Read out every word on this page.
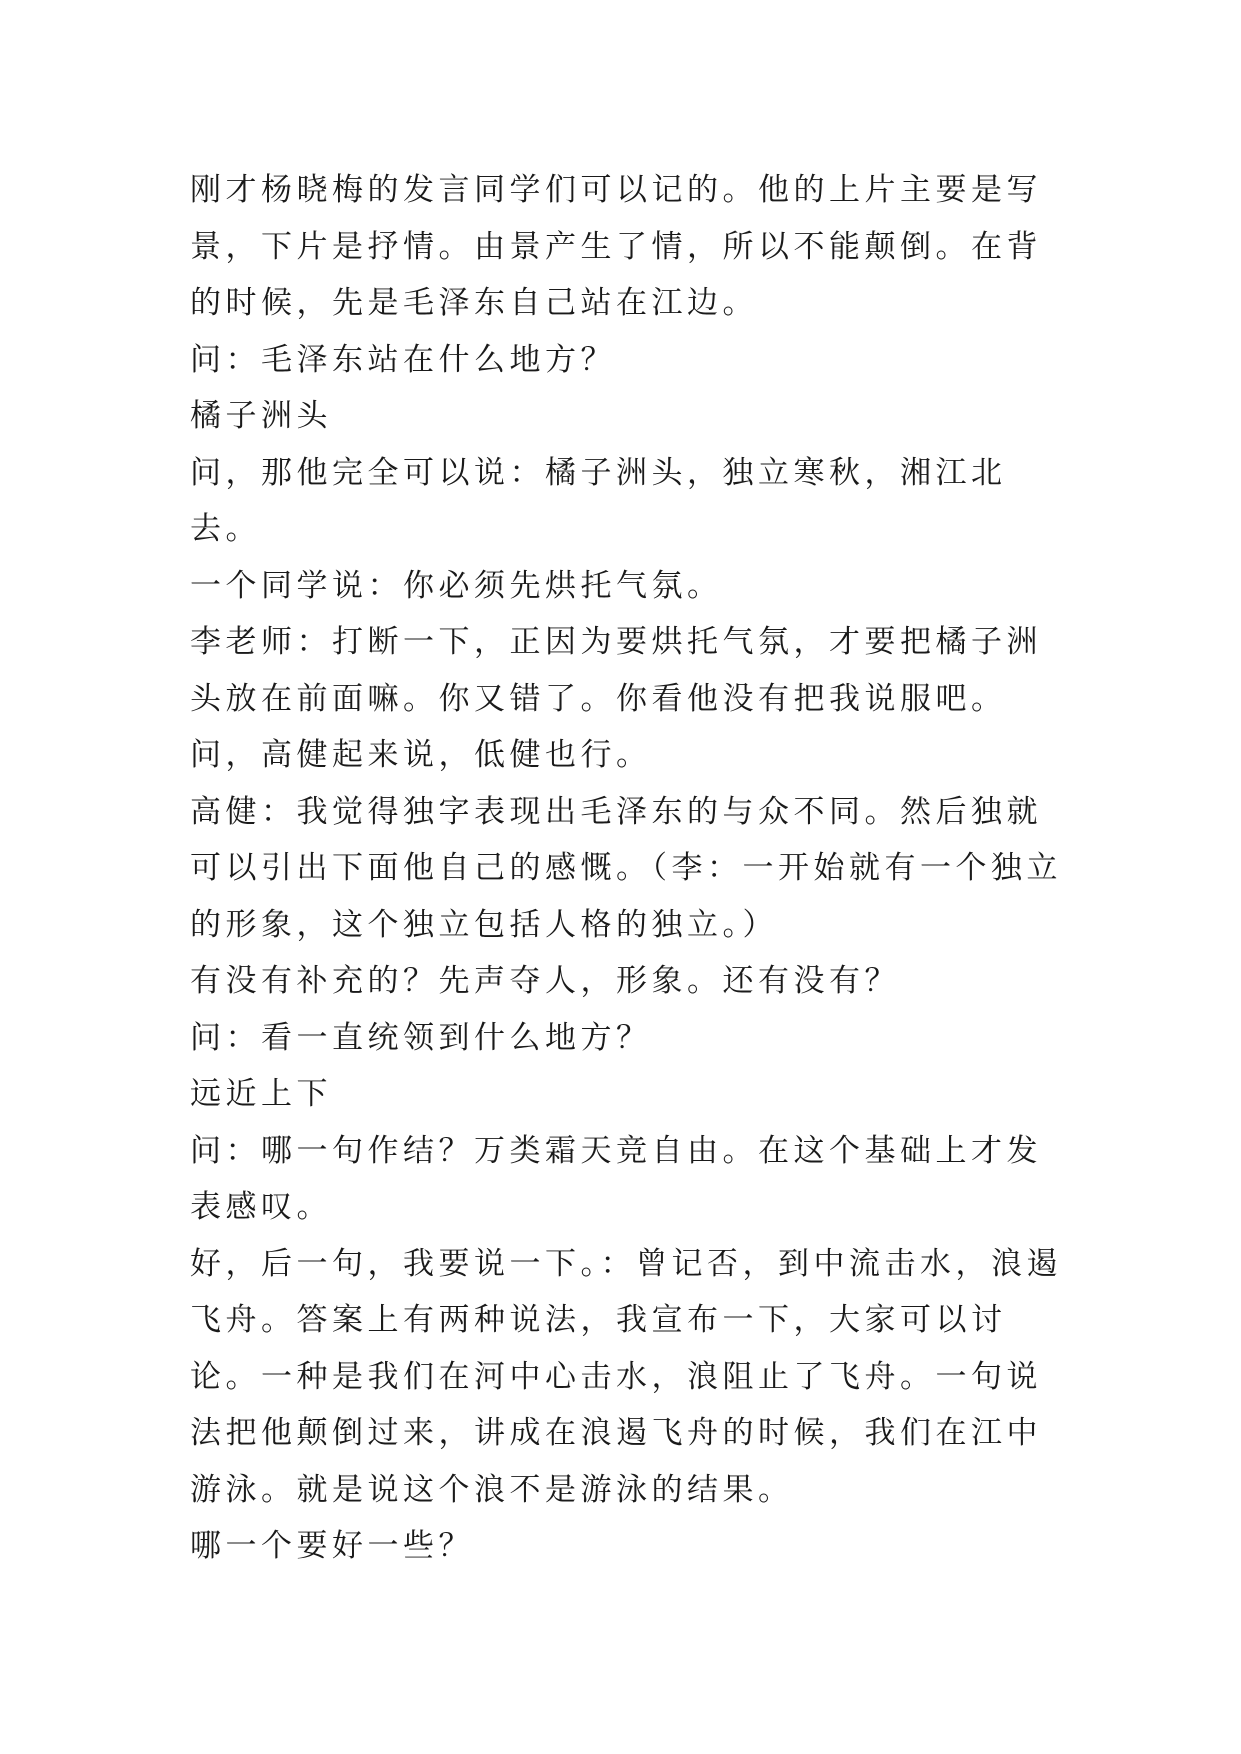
刚才杨晓梅的发言同学们可以记的。他的上片主要是写景，下片是抒情。由景产生了情，所以不能颠倒。在背的时候，先是毛泽东自己站在江边。

问：毛泽东站在什么地方？

橘子洲头

问，那他完全可以说：橘子洲头，独立寒秋，湘江北去。

一个同学说：你必须先烘托气氛。

李老师：打断一下，正因为要烘托气氛，才要把橘子洲头放在前面嘛。你又错了。你看他没有把我说服吧。

问，高健起来说，低健也行。

高健：我觉得独字表现出毛泽东的与众不同。然后独就可以引出下面他自己的感慨。（李：一开始就有一个独立的形象，这个独立包括人格的独立。）

有没有补充的？先声夺人，形象。还有没有？

问：看一直统领到什么地方？

远近上下

问：哪一句作结？万类霜天竞自由。在这个基础上才发表感叹。

好，后一句，我要说一下。：曾记否，到中流击水，浪遏飞舟。答案上有两种说法，我宣布一下，大家可以讨论。一种是我们在河中心击水，浪阻止了飞舟。一句说法把他颠倒过来，讲成在浪遏飞舟的时候，我们在江中游泳。就是说这个浪不是游泳的结果。

哪一个要好一些？
